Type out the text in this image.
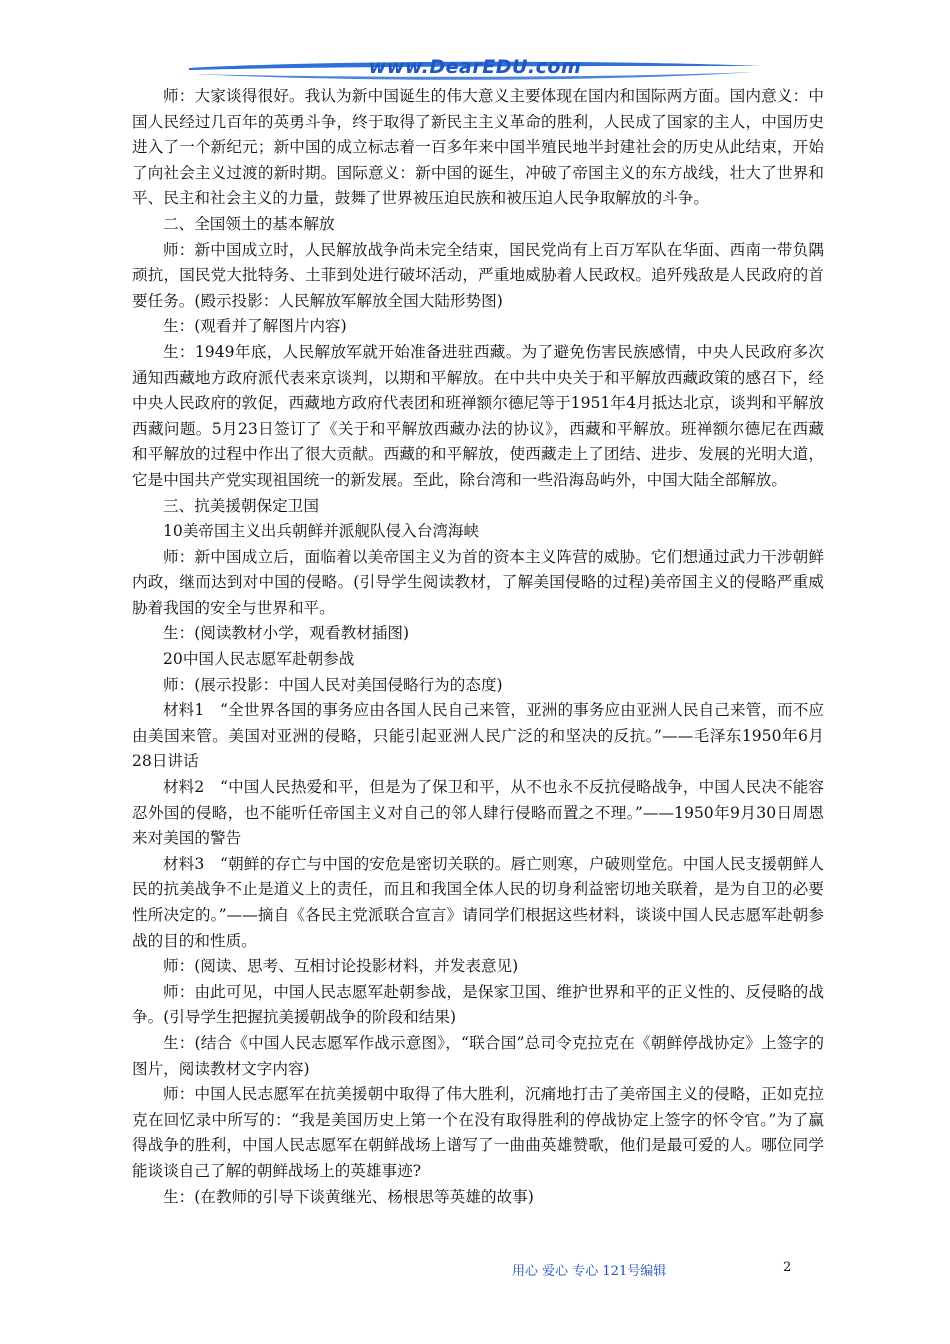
www.DearEDU.com

师：大家谈得很好。我认为新中国诞生的伟大意义主要体现在国内和国际两方面。国内意义：中国人民经过几百年的英勇斗争，终于取得了新民主主义革命的胜利，人民成了国家的主人，中国历史进入了一个新纪元；新中国的成立标志着一百多年来中国半殖民地半封建社会的历史从此结束，开始了向社会主义过渡的新时期。国际意义：新中国的诞生，冲破了帝国主义的东方战线，壮大了世界和平、民主和社会主义的力量，鼓舞了世界被压迫民族和被压迫人民争取解放的斗争。

二、全国领土的基本解放

师：新中国成立时，人民解放战争尚未完全结束，国民党尚有上百万军队在华面、西南一带负隅顽抗，国民党大批特务、土菲到处进行破坏活动，严重地威胁着人民政权。追歼残敌是人民政府的首要任务。(殿示投影：人民解放军解放全国大陆形势图)

生：(观看并了解图片内容)

生：1949年底，人民解放军就开始准备进驻西藏。为了避免伤害民族感情，中央人民政府多次通知西藏地方政府派代表来京谈判，以期和平解放。在中共中央关于和平解放西藏政策的感召下，经中央人民政府的敦促，西藏地方政府代表团和班禅额尔德尼等于1951年4月抵达北京，谈判和平解放西藏问题。5月23日签订了《关于和平解放西藏办法的协议》，西藏和平解放。班禅额尔德尼在西藏和平解放的过程中作出了很大贡献。西藏的和平解放，使西藏走上了团结、进步、发展的光明大道，它是中国共产党实现祖国统一的新发展。至此，除台湾和一些沿海岛屿外，中国大陆全部解放。

三、抗美援朝保定卫国

10美帝国主义出兵朝鲜并派舰队侵入台湾海峡

师：新中国成立后，面临着以美帝国主义为首的资本主义阵营的威胁。它们想通过武力干涉朝鲜内政，继而达到对中国的侵略。(引导学生阅读教材，了解美国侵略的过程)美帝国主义的侵略严重威胁着我国的安全与世界和平。

生：(阅读教材小学，观看教材插图)

20中国人民志愿军赴朝参战

师：(展示投影：中国人民对美国侵略行为的态度)

材料1　“全世界各国的事务应由各国人民自己来管，亚洲的事务应由亚洲人民自己来管，而不应由美国来管。美国对亚洲的侵略，只能引起亚洲人民广泛的和坚决的反抗。”——毛泽东1950年6月28日讲话

材料2　“中国人民热爱和平，但是为了保卫和平，从不也永不反抗侵略战争，中国人民决不能容忍外国的侵略，也不能听任帝国主义对自己的邻人肆行侵略而置之不理。”——1950年9月30日周恩来对美国的警告

材料3　“朝鲜的存亡与中国的安危是密切关联的。唇亡则寒，户破则堂危。中国人民支援朝鲜人民的抗美战争不止是道义上的责任，而且和我国全体人民的切身利益密切地关联着，是为自卫的必要性所决定的。”——摘自《各民主党派联合宣言》请同学们根据这些材料，谈谈中国人民志愿军赴朝参战的目的和性质。

师：(阅读、思考、互相讨论投影材料，并发表意见)

师：由此可见，中国人民志愿军赴朝参战，是保家卫国、维护世界和平的正义性的、反侵略的战争。(引导学生把握抗美援朝战争的阶段和结果)

生：(结合《中国人民志愿军作战示意图》，“联合国”总司令克拉克在《朝鲜停战协定》上签字的图片，阅读教材文字内容)

师：中国人民志愿军在抗美援朝中取得了伟大胜利，沉痛地打击了美帝国主义的侵略，正如克拉克在回忆录中所写的：“我是美国历史上第一个在没有取得胜利的停战协定上签字的怀令官。”为了赢得战争的胜利，中国人民志愿军在朝鲜战场上谱写了一曲曲英雄赞歌，他们是最可爱的人。哪位同学能谈谈自己了解的朝鲜战场上的英雄事迹?

生：(在教师的引导下谈黄继光、杨根思等英雄的故事)

用心 爱心 专心 121号编辑	2
